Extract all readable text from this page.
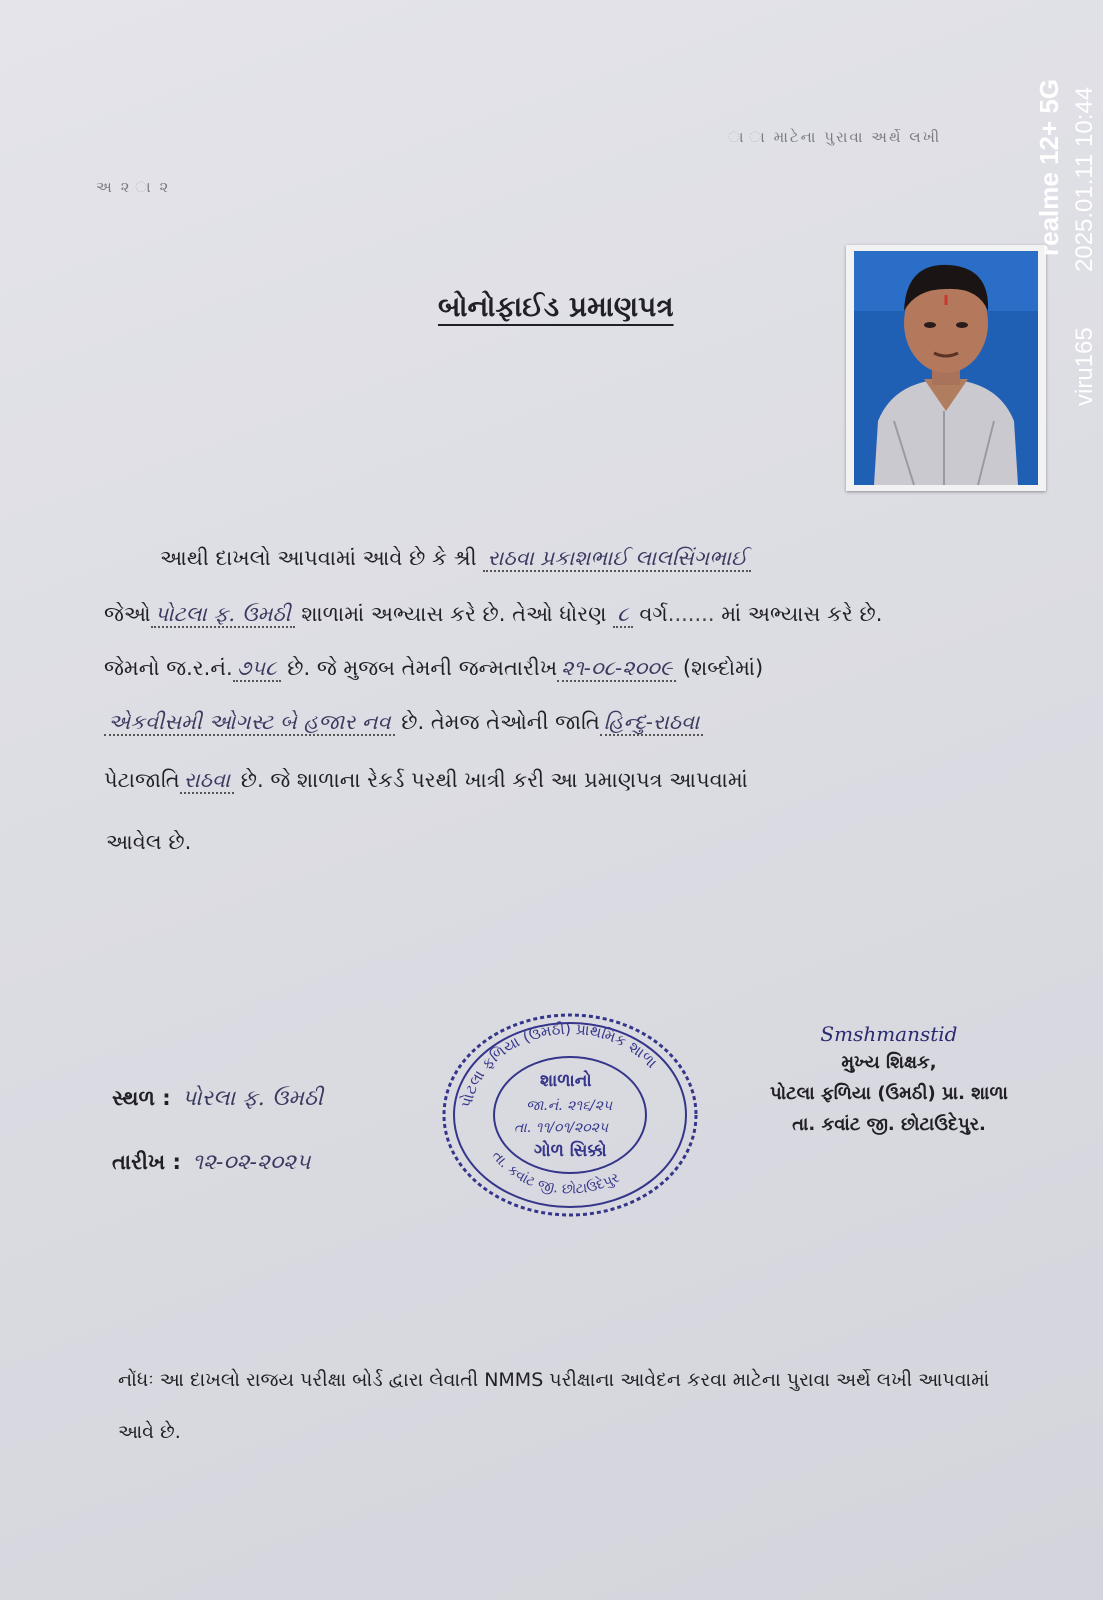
અ ૨ ા ૨
ા ા માટેના પુરાવા અર્થે લખી
બોનોફાઈડ પ્રમાણપત્ર
realme 12+ 5G
viru165
2025.01.11 10:44
આથી દાખલો આપવામાં આવે છે કે શ્રી રાઠવા પ્રકાશભાઈ લાલસિંગભાઈ
જેઓ પોટલા ફ. ઉમઠી શાળામાં અભ્યાસ કરે છે. તેઓ ધોરણ ૮ વર્ગ....... માં અભ્યાસ કરે છે.
જેમનો જ.ર.નં. ૭૫૮ છે. જે મુજબ તેમની જન્મતારીખ ૨૧-૦૮-૨૦૦૯ (શબ્દોમાં)
એકવીસમી ઓગસ્ટ બે હજાર નવ છે. તેમજ તેઓની જાતિ હિન્દુ-રાઠવા
પેટાજાતિ રાઠવા છે. જે શાળાના રેકર્ડ પરથી ખાત્રી કરી આ પ્રમાણપત્ર આપવામાં
આવેલ છે.
સ્થળ : પોરલા ફ. ઉમઠી
તારીખ : ૧૨-૦૨-૨૦૨૫
પોટલા ફળિયા (ઉમઠી) પ્રાથમિક શાળા
તા. કવાંટ જી. છોટાઉદેપુર
શાળાનો
જા.નં. ૨૧૬/૨૫
તા. ૧૧/૦૧/૨૦૨૫
ગોળ સિક્કો
Smshmanstid
મુખ્ય શિક્ષક,
પોટલા ફળિયા (ઉમઠી) પ્રા. શાળા
તા. કવાંટ જી. છોટાઉદેપુર.
નોંધઃ આ દાખલો રાજય પરીક્ષા બોર્ડ દ્વારા લેવાતી NMMS પરીક્ષાના આવેદન કરવા માટેના પુરાવા અર્થે લખી આપવામાં આવે છે.
